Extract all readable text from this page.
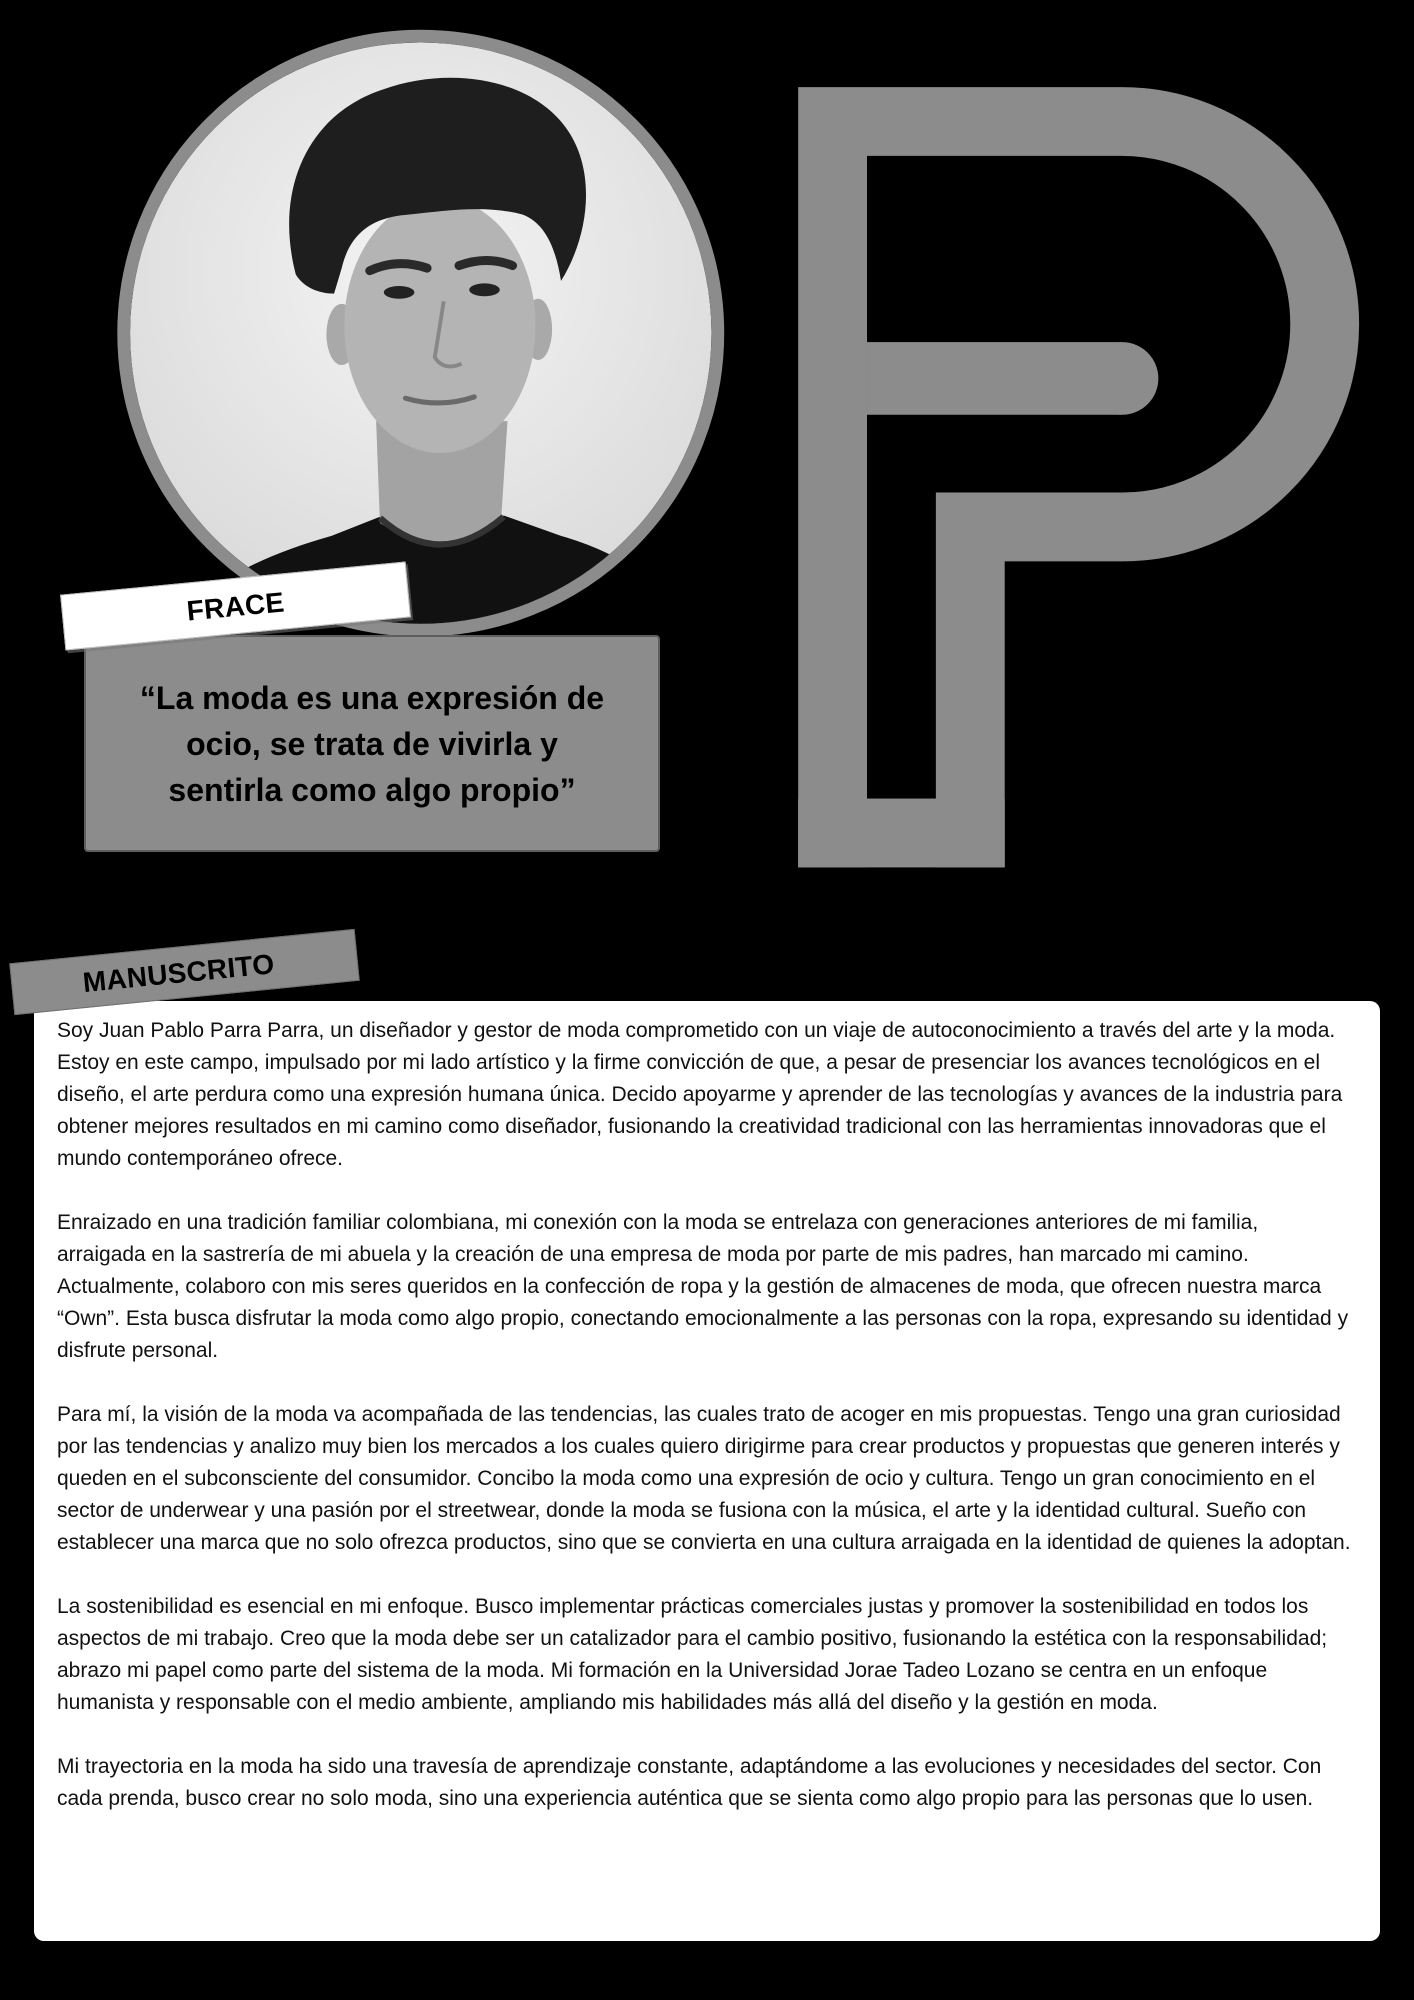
FRACE
“La moda es una expresión de
ocio, se trata de vivirla y
sentirla como algo propio”
MANUSCRITO

Soy Juan Pablo Parra Parra, un diseñador y gestor de moda comprometido con un viaje de autoconocimiento a través del arte y la moda. Estoy en este campo, impulsado por mi lado artístico y la firme convicción de que, a pesar de presenciar los avances tecnológicos en el diseño, el arte perdura como una expresión humana única. Decido apoyarme y aprender de las tecnologías y avances de la industria para obtener mejores resultados en mi camino como diseñador, fusionando la creatividad tradicional con las herramientas innovadoras que el mundo contemporáneo ofrece.

Enraizado en una tradición familiar colombiana, mi conexión con la moda se entrelaza con generaciones anteriores de mi familia, arraigada en la sastrería de mi abuela y la creación de una empresa de moda por parte de mis padres, han marcado mi camino. Actualmente, colaboro con mis seres queridos en la confección de ropa y la gestión de almacenes de moda, que ofrecen nuestra marca “Own”. Esta busca disfrutar la moda como algo propio, conectando emocionalmente a las personas con la ropa, expresando su identidad y disfrute personal.

Para mí, la visión de la moda va acompañada de las tendencias, las cuales trato de acoger en mis propuestas. Tengo una gran curiosidad por las tendencias y analizo muy bien los mercados a los cuales quiero dirigirme para crear productos y propuestas que generen interés y queden en el subconsciente del consumidor. Concibo la moda como una expresión de ocio y cultura. Tengo un gran conocimiento en el sector de underwear y una pasión por el streetwear, donde la moda se fusiona con la música, el arte y la identidad cultural. Sueño con establecer una marca que no solo ofrezca productos, sino que se convierta en una cultura arraigada en la identidad de quienes la adoptan.

La sostenibilidad es esencial en mi enfoque. Busco implementar prácticas comerciales justas y promover la sostenibilidad en todos los aspectos de mi trabajo. Creo que la moda debe ser un catalizador para el cambio positivo, fusionando la estética con la responsabilidad; abrazo mi papel como parte del sistema de la moda. Mi formación en la Universidad Jorae Tadeo Lozano se centra en un enfoque humanista y responsable con el medio ambiente, ampliando mis habilidades más allá del diseño y la gestión en moda.

Mi trayectoria en la moda ha sido una travesía de aprendizaje constante, adaptándome a las evoluciones y necesidades del sector. Con cada prenda, busco crear no solo moda, sino una experiencia auténtica que se sienta como algo propio para las personas que lo usen.
